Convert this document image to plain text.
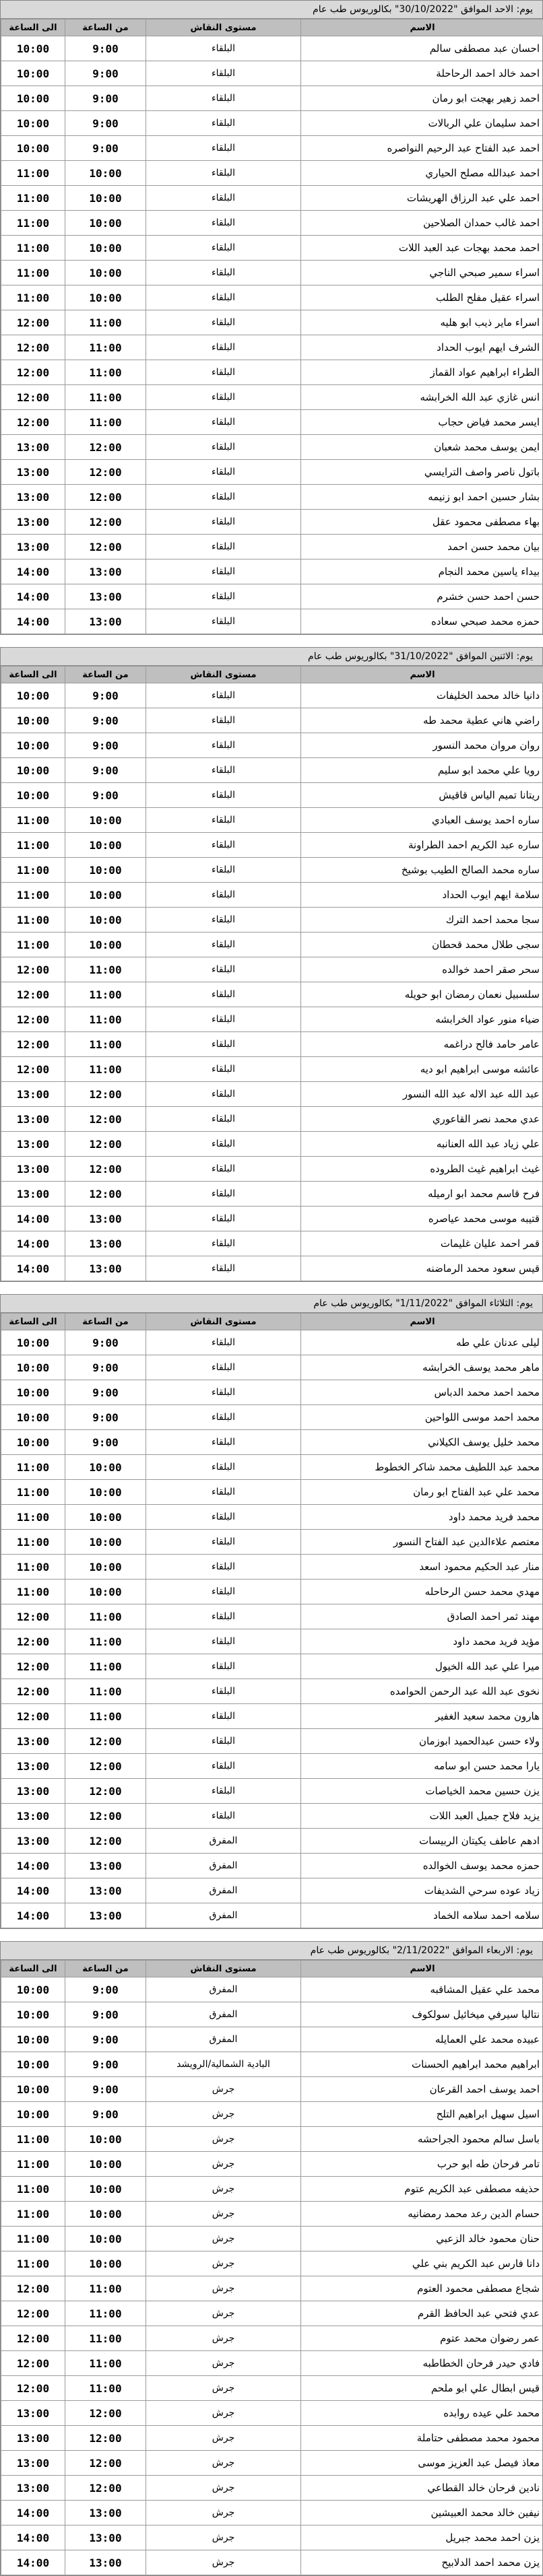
يوم: الاحد الموافق "30/10/2022" بكالوريوس طب عام
الى الساعة	من الساعة	مستوى النقاش	الاسم
10:00	9:00	البلقاء	احسان عبد مصطفى سالم
10:00	9:00	البلقاء	احمد خالد احمد الرحاحلة
10:00	9:00	البلقاء	احمد زهير بهجت ابو رمان
10:00	9:00	البلقاء	احمد سليمان علي الربالات
10:00	9:00	البلقاء	احمد عبد الفتاح عبد الرحيم النواصره
11:00	10:00	البلقاء	احمد عبدالله مصلح الحياري
11:00	10:00	البلقاء	احمد علي عبد الرزاق الهريشات
11:00	10:00	البلقاء	احمد غالب حمدان الصلاحين
11:00	10:00	البلقاء	احمد محمد بهجات عبد العبد اللات
11:00	10:00	البلقاء	اسراء سمير صبحي الناجي
11:00	10:00	البلقاء	اسراء عقيل مفلح الطلب
12:00	11:00	البلقاء	اسراء ماير ذيب ابو هليه
12:00	11:00	البلقاء	الشرف ايهم ايوب الحداد
12:00	11:00	البلقاء	الطراء ابراهيم عواد القماز
12:00	11:00	البلقاء	انس غازي عبد الله الخرابشه
12:00	11:00	البلقاء	ايسر محمد فياض حجاب
13:00	12:00	البلقاء	ايمن يوسف محمد شعبان
13:00	12:00	البلقاء	باتول ناصر واصف الترايسي
13:00	12:00	البلقاء	بشار حسين احمد ابو زنيمه
13:00	12:00	البلقاء	بهاء مصطفى محمود عقل
13:00	12:00	البلقاء	بيان محمد حسن احمد
14:00	13:00	البلقاء	بيداء ياسين محمد النجام
14:00	13:00	البلقاء	حسن احمد حسن خشرم
14:00	13:00	البلقاء	حمزه محمد صبحي سعاده
يوم: الاثنين الموافق "31/10/2022" بكالوريوس طب عام
الى الساعة	من الساعة	مستوى النقاش	الاسم
10:00	9:00	البلقاء	دانيا خالد محمد الخليفات
10:00	9:00	البلقاء	راضي هاني عطية محمد طه
10:00	9:00	البلقاء	روان مروان محمد النسور
10:00	9:00	البلقاء	رويا علي محمد ابو سليم
10:00	9:00	البلقاء	ريتانا تميم الياس قاقيش
11:00	10:00	البلقاء	ساره احمد يوسف العبادي
11:00	10:00	البلقاء	ساره عبد الكريم احمد الطراونة
11:00	10:00	البلقاء	ساره محمد الصالح الطيب بوشيخ
11:00	10:00	البلقاء	سلامة ايهم ايوب الحداد
11:00	10:00	البلقاء	سجا محمد احمد الترك
11:00	10:00	البلقاء	سجى طلال محمد قحطان
12:00	11:00	البلقاء	سحر صقر احمد خوالده
12:00	11:00	البلقاء	سلسبيل نعمان رمضان ابو حويله
12:00	11:00	البلقاء	ضياء منور عواد الخرابشه
12:00	11:00	البلقاء	عامر حامد فالح دراغمه
12:00	11:00	البلقاء	عائشه موسى ابراهيم ابو ديه
13:00	12:00	البلقاء	عبد الله عبد الاله عبد الله النسور
13:00	12:00	البلقاء	عدي محمد نصر القاعوري
13:00	12:00	البلقاء	علي زياد عبد الله العنانبه
13:00	12:00	البلقاء	غيث ابراهيم غيث الطروده
13:00	12:00	البلقاء	فرح قاسم محمد ابو ارميله
14:00	13:00	البلقاء	قتيبه موسى محمد عياصره
14:00	13:00	البلقاء	قمر احمد عليان غليمات
14:00	13:00	البلقاء	قيس سعود محمد الرماضنه
يوم: الثلاثاء الموافق "1/11/2022" بكالوريوس طب عام
الى الساعة	من الساعة	مستوى النقاش	الاسم
10:00	9:00	البلقاء	ليلى عدنان علي طه
10:00	9:00	البلقاء	ماهر محمد يوسف الخرابشه
10:00	9:00	البلقاء	محمد احمد محمد الدباس
10:00	9:00	البلقاء	محمد احمد موسى اللواحين
10:00	9:00	البلقاء	محمد خليل يوسف الكيلاني
11:00	10:00	البلقاء	محمد عبد اللطيف محمد شاكر الخطوط
11:00	10:00	البلقاء	محمد علي عبد الفتاح ابو رمان
11:00	10:00	البلقاء	محمد فريد محمد داود
11:00	10:00	البلقاء	معتصم علاءالدين عبد الفتاح النسور
11:00	10:00	البلقاء	منار عبد الحكيم محمود اسعد
11:00	10:00	البلقاء	مهدي محمد حسن الرحاحله
12:00	11:00	البلقاء	مهند ثمر احمد الصادق
12:00	11:00	البلقاء	مؤيد فريد محمد داود
12:00	11:00	البلقاء	ميرا علي عبد الله الخيول
12:00	11:00	البلقاء	نخوى عبد الله عبد الرحمن الحوامده
12:00	11:00	البلقاء	هارون محمد سعيد الغفير
13:00	12:00	البلقاء	ولاء حسن عبدالحميد ابوزمان
13:00	12:00	البلقاء	يارا محمد حسن ابو سامه
13:00	12:00	البلقاء	يزن حسين محمد الخياصات
13:00	12:00	البلقاء	يزيد فلاح جميل العبد اللات
13:00	12:00	المفرق	ادهم عاطف يكيتان الربيسات
14:00	13:00	المفرق	حمزه محمد يوسف الخوالده
14:00	13:00	المفرق	زياد عوده سرحي الشديفات
14:00	13:00	المفرق	سلامه احمد سلامه الخماد
يوم: الاربعاء الموافق "2/11/2022" بكالوريوس طب عام
الى الساعة	من الساعة	مستوى النقاش	الاسم
10:00	9:00	المفرق	محمد علي عقيل المشاقبه
10:00	9:00	المفرق	نتاليا سيرفي ميخائيل سولكوف
10:00	9:00	المفرق	عبيده محمد علي العمايله
10:00	9:00	البادية الشمالية/الرويشد	ابراهيم محمد ابراهيم الحسنات
10:00	9:00	جرش	احمد يوسف احمد القرعان
10:00	9:00	جرش	اسيل سهيل ابراهيم التلح
11:00	10:00	جرش	باسل سالم محمود الجراحشه
11:00	10:00	جرش	تامر فرحان طه ابو حرب
11:00	10:00	جرش	حذيفه مصطفى عبد الكريم عتوم
11:00	10:00	جرش	حسام الدين رعد محمد رمضانيه
11:00	10:00	جرش	حنان محمود خالد الزعبي
11:00	10:00	جرش	دانا فارس عبد الكريم بني علي
12:00	11:00	جرش	شجاع مصطفى محمود العتوم
12:00	11:00	جرش	عدي فتحي عبد الحافظ القرم
12:00	11:00	جرش	عمر رضوان محمد عتوم
12:00	11:00	جرش	فادي حيدر فرحان الخطاطبه
12:00	11:00	جرش	قيس ابطال علي ابو ملحم
13:00	12:00	جرش	محمد علي عيده روابده
13:00	12:00	جرش	محمود محمد مصطفى حتاملة
13:00	12:00	جرش	معاذ فيصل عبد العزيز موسى
13:00	12:00	جرش	نادين فرحان خالد القطاعي
14:00	13:00	جرش	نيفين خالد محمد العبيشين
14:00	13:00	جرش	يزن احمد محمد جبريل
14:00	13:00	جرش	يزن محمد احمد الدلابيح
